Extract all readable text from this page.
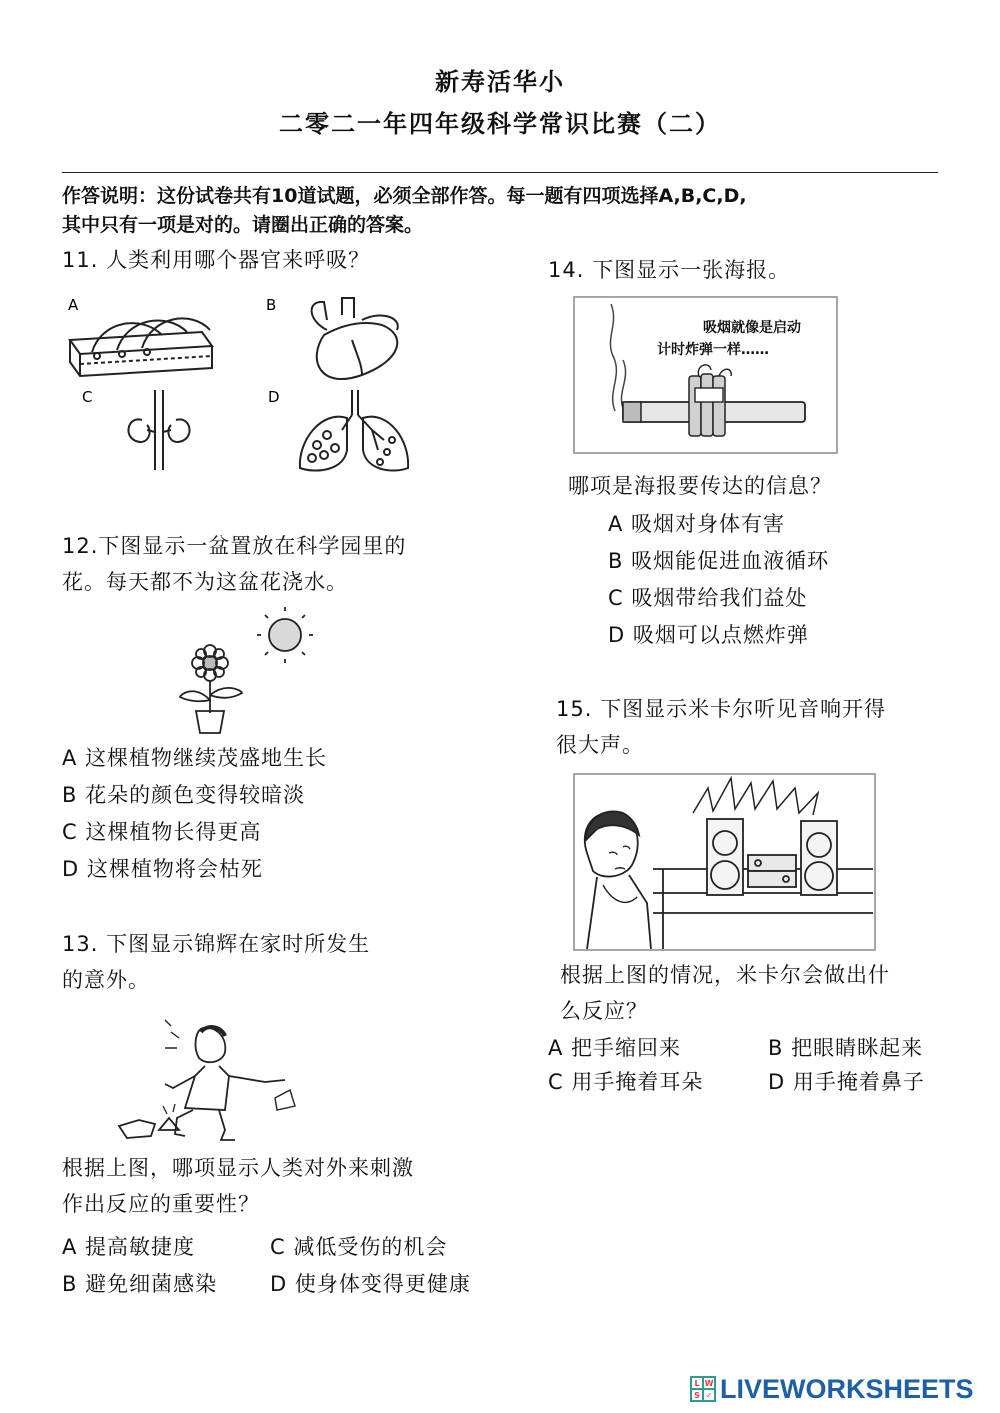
新寿活华小
二零二一年四年级科学常识比赛（二）
作答说明：这份试卷共有10道试题，必须全部作答。每一题有四项选择A,B,C,D,
其中只有一项是对的。请圈出正确的答案。
11. 人类利用哪个器官来呼吸？
A	B
C	D
12.下图显示一盆置放在科学园里的
花。每天都不为这盆花浇水。
A 这棵植物继续茂盛地生长
B 花朵的颜色变得较暗淡
C 这棵植物长得更高
D 这棵植物将会枯死
13. 下图显示锦辉在家时所发生
的意外。
根据上图，哪项显示人类对外来刺激
作出反应的重要性？
A 提高敏捷度	C 减低受伤的机会
B 避免细菌感染	D 使身体变得更健康
14. 下图显示一张海报。
吸烟就像是启动
计时炸弹一样……
哪项是海报要传达的信息？
A 吸烟对身体有害
B 吸烟能促进血液循环
C 吸烟带给我们益处
D 吸烟可以点燃炸弹
15. 下图显示米卡尔听见音响开得
很大声。
根据上图的情况，米卡尔会做出什
么反应？
A 把手缩回来	B 把眼睛眯起来
C 用手掩着耳朵	D 用手掩着鼻子
L W
S ✓ LIVE WORKSHEETS
